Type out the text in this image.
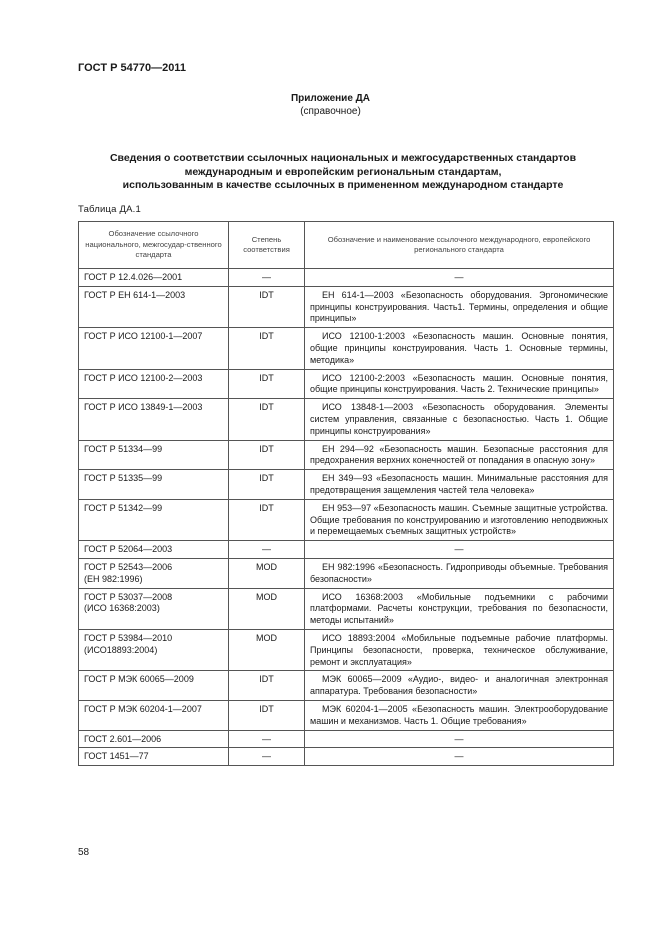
ГОСТ Р 54770—2011
Приложение ДА
(справочное)
Сведения о соответствии ссылочных национальных и межгосударственных стандартов
международным и европейским региональным стандартам,
использованным в качестве ссылочных в примененном международном стандарте
Таблица ДА.1
Обозначение ссылочного национального, межгосудар-ственного стандарта	Степень соответствия	Обозначение и наименование ссылочного международного, европейского регионального стандарта
ГОСТ Р 12.4.026—2001	—	—
ГОСТ Р ЕН 614-1—2003	IDT	ЕН 614-1—2003 «Безопасность оборудования. Эргономические принципы конструирования. Часть1. Термины, определения и общие принципы»

ГОСТ Р ИСО 12100-1—2007	IDT	ИСО 12100-1:2003 «Безопасность машин. Основные понятия, общие принципы конструирования. Часть 1. Основные термины, методика»

ГОСТ Р ИСО 12100-2—2003	IDT	ИСО 12100-2:2003 «Безопасность машин. Основные понятия, общие принципы конструирования. Часть 2. Технические принципы»

ГОСТ Р ИСО 13849-1—2003	IDT	ИСО 13848-1—2003 «Безопасность оборудования. Элементы систем управления, связанные с безопасностью. Часть 1. Общие принципы конструирования»

ГОСТ Р 51334—99	IDT	ЕН 294—92 «Безопасность машин. Безопасные расстояния для предохранения верхних конечностей от попадания в опасную зону»

ГОСТ Р 51335—99	IDT	ЕН 349—93 «Безопасность машин. Минимальные расстояния для предотвращения защемления частей тела человека»

ГОСТ Р 51342—99	IDT	ЕН 953—97 «Безопасность машин. Съемные защитные устройства. Общие требования по конструированию и изготовлению неподвижных и перемещаемых съемных защитных устройств»

ГОСТ Р 52064—2003	—	—
ГОСТ Р 52543—2006
(ЕН 982:1996)	MOD	ЕН 982:1996 «Безопасность. Гидроприводы объемные. Требования безопасности»

ГОСТ Р 53037—2008
(ИСО 16368:2003)	MOD	ИСО 16368:2003 «Мобильные подъемники с рабочими платформами. Расчеты конструкции, требования по безопасности, методы испытаний»

ГОСТ Р 53984—2010
(ИСО18893:2004)	MOD	ИСО 18893:2004 «Мобильные подъемные рабочие платформы. Принципы безопасности, проверка, техническое обслуживание, ремонт и эксплуатация»

ГОСТ Р МЭК 60065—2009	IDT	МЭК 60065—2009 «Аудио-, видео- и аналогичная электронная аппаратура. Требования безопасности»

ГОСТ Р МЭК 60204-1—2007	IDT	МЭК 60204-1—2005 «Безопасность машин. Электрооборудование машин и механизмов. Часть 1. Общие требования»

ГОСТ 2.601—2006	—	—
ГОСТ 1451—77	—	—
58
